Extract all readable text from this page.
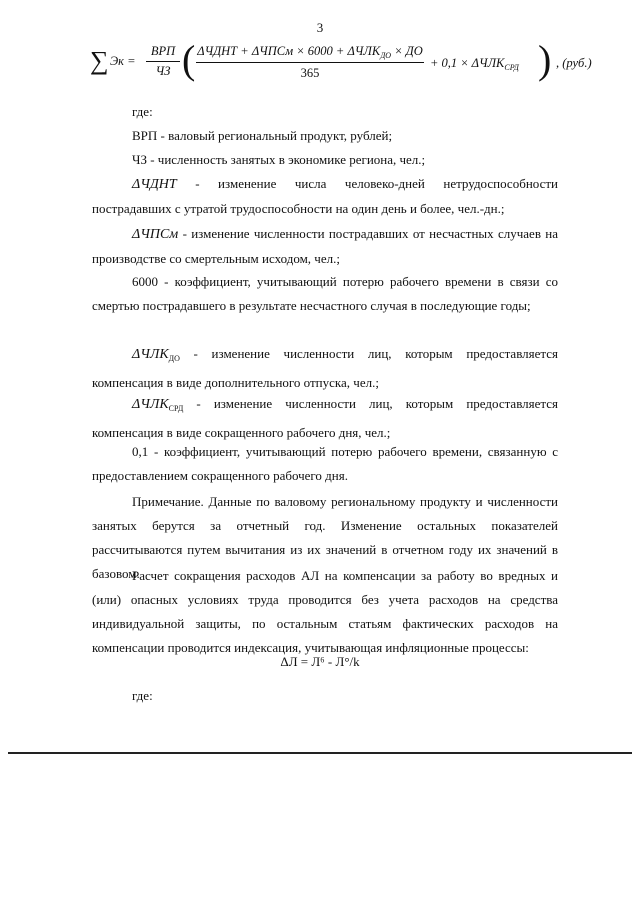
3
∑ Эк =
ВРП
ЧЗ ( ΔЧДНТ + ΔЧПСм × $6000 + \Delta ЧЛК_{ДО}$ × ДО
365
+ $0,1 \times \Delta ЧЛК_{СРД}$ ) , (руб.)
где:
ВРП - валовый региональный продукт, рублей;
ЧЗ - численность занятых в экономике региона, чел.;
ΔЧДНТ - изменение числа человеко-дней нетрудоспособности пострадавших с утратой трудоспособности на один день и более, чел.-дн.;
ΔЧПСм - изменение численности пострадавших от несчастных случаев на производстве со смертельным исходом, чел.;
6000 - коэффициент, учитывающий потерю рабочего времени в связи со смертью пострадавшего в результате несчастного случая в последующие годы;
$\Delta ЧЛК_{ДО}$ - изменение численности лиц, которым предоставляется компенсация в виде дополнительного отпуска, чел.;
$\Delta ЧЛК_{СРД}$ - изменение численности лиц, которым предоставляется компенсация в виде сокращенного рабочего дня, чел.;
0,1 - коэффициент, учитывающий потерю рабочего времени, связанную с предоставлением сокращенного рабочего дня.
Примечание. Данные по валовому региональному продукту и численности занятых берутся за отчетный год. Изменение остальных показателей рассчитываются путем вычитания из их значений в отчетном году их значений в базовом.
Расчет сокращения расходов АЛ на компенсации за работу во вредных и (или) опасных условиях труда проводится без учета расходов на средства индивидуальной защиты, по остальным статьям фактических расходов на компенсации проводится индексация, учитывающая инфляционные процессы:
ΔЛ = Л⁶ - Л°/k
где:
